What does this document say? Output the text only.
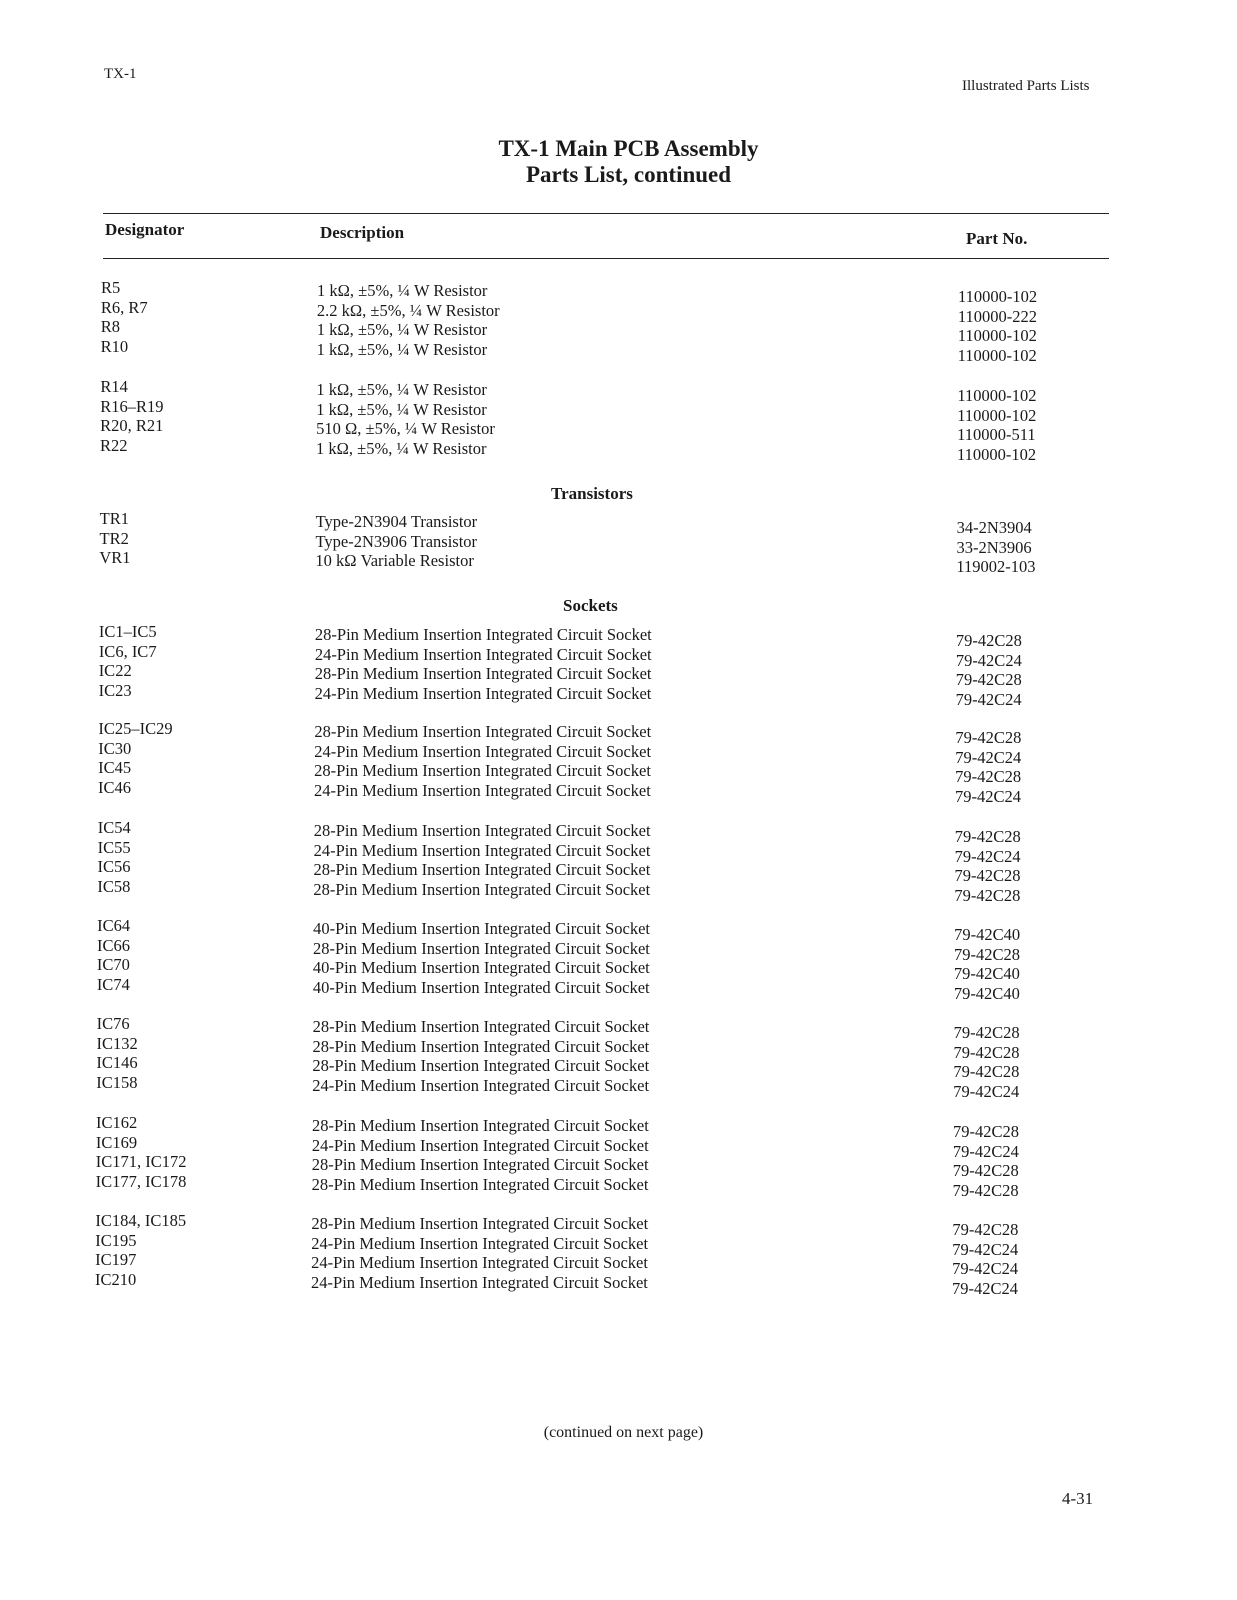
TX-1
Illustrated Parts Lists
TX-1 Main PCB Assembly
Parts List, continued
Designator	Description	Part No.
R5	1 kΩ, ±5%, ¼ W Resistor	110000-102
R6, R7	2.2 kΩ, ±5%, ¼ W Resistor	110000-222
R8	1 kΩ, ±5%, ¼ W Resistor	110000-102
R10	1 kΩ, ±5%, ¼ W Resistor	110000-102
R14	1 kΩ, ±5%, ¼ W Resistor	110000-102
R16–R19	1 kΩ, ±5%, ¼ W Resistor	110000-102
R20, R21	510 Ω, ±5%, ¼ W Resistor	110000-511
R22	1 kΩ, ±5%, ¼ W Resistor	110000-102
Transistors
TR1	Type-2N3904 Transistor	34-2N3904
TR2	Type-2N3906 Transistor	33-2N3906
VR1	10 kΩ Variable Resistor	119002-103
Sockets
IC1–IC5	28-Pin Medium Insertion Integrated Circuit Socket	79-42C28
IC6, IC7	24-Pin Medium Insertion Integrated Circuit Socket	79-42C24
IC22	28-Pin Medium Insertion Integrated Circuit Socket	79-42C28
IC23	24-Pin Medium Insertion Integrated Circuit Socket	79-42C24
IC25–IC29	28-Pin Medium Insertion Integrated Circuit Socket	79-42C28
IC30	24-Pin Medium Insertion Integrated Circuit Socket	79-42C24
IC45	28-Pin Medium Insertion Integrated Circuit Socket	79-42C28
IC46	24-Pin Medium Insertion Integrated Circuit Socket	79-42C24
IC54	28-Pin Medium Insertion Integrated Circuit Socket	79-42C28
IC55	24-Pin Medium Insertion Integrated Circuit Socket	79-42C24
IC56	28-Pin Medium Insertion Integrated Circuit Socket	79-42C28
IC58	28-Pin Medium Insertion Integrated Circuit Socket	79-42C28
IC64	40-Pin Medium Insertion Integrated Circuit Socket	79-42C40
IC66	28-Pin Medium Insertion Integrated Circuit Socket	79-42C28
IC70	40-Pin Medium Insertion Integrated Circuit Socket	79-42C40
IC74	40-Pin Medium Insertion Integrated Circuit Socket	79-42C40
IC76	28-Pin Medium Insertion Integrated Circuit Socket	79-42C28
IC132	28-Pin Medium Insertion Integrated Circuit Socket	79-42C28
IC146	28-Pin Medium Insertion Integrated Circuit Socket	79-42C28
IC158	24-Pin Medium Insertion Integrated Circuit Socket	79-42C24
IC162	28-Pin Medium Insertion Integrated Circuit Socket	79-42C28
IC169	24-Pin Medium Insertion Integrated Circuit Socket	79-42C24
IC171, IC172	28-Pin Medium Insertion Integrated Circuit Socket	79-42C28
IC177, IC178	28-Pin Medium Insertion Integrated Circuit Socket	79-42C28
IC184, IC185	28-Pin Medium Insertion Integrated Circuit Socket	79-42C28
IC195	24-Pin Medium Insertion Integrated Circuit Socket	79-42C24
IC197	24-Pin Medium Insertion Integrated Circuit Socket	79-42C24
IC210	24-Pin Medium Insertion Integrated Circuit Socket	79-42C24
(continued on next page)
4-31
